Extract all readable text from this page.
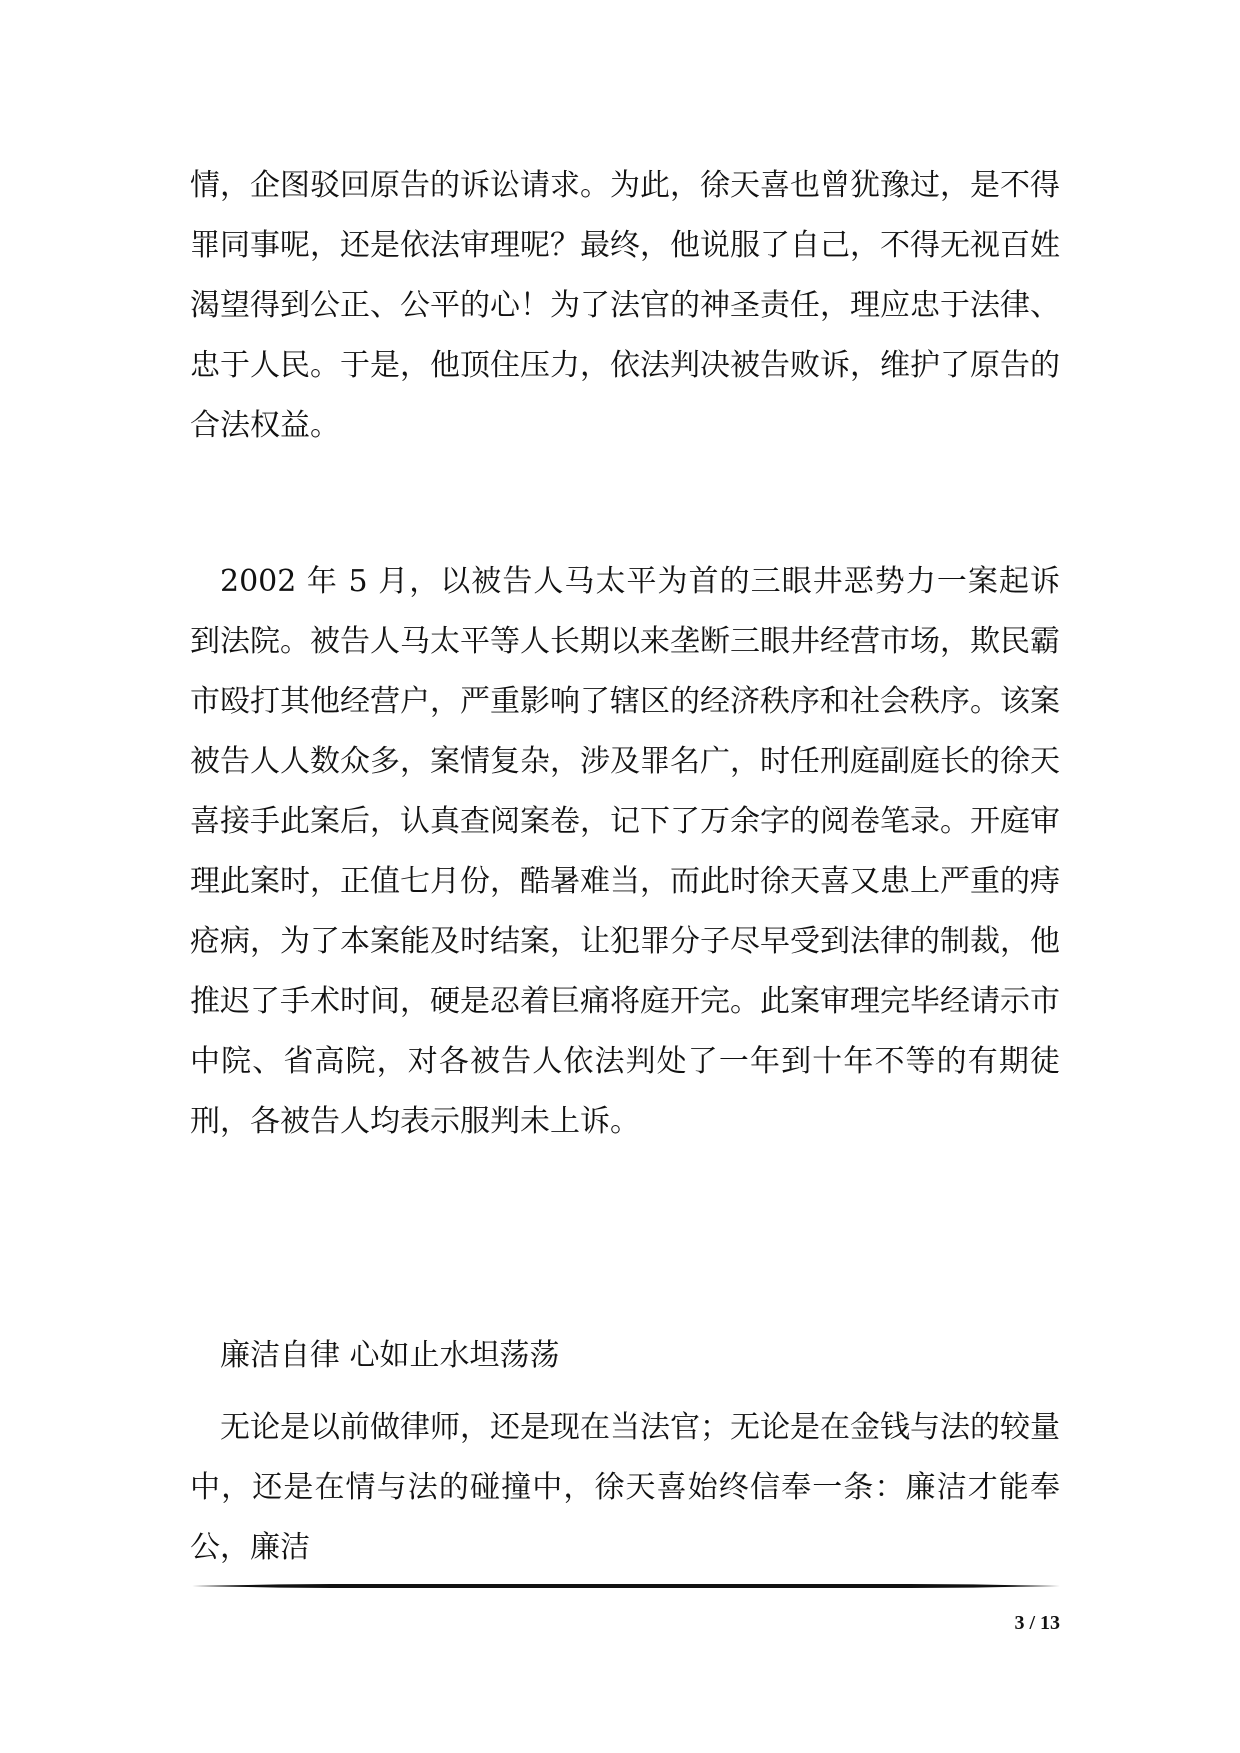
情，企图驳回原告的诉讼请求。为此，徐天喜也曾犹豫过，是不得罪同事呢，还是依法审理呢？最终，他说服了自己，不得无视百姓渴望得到公正、公平的心！为了法官的神圣责任，理应忠于法律、忠于人民。于是，他顶住压力，依法判决被告败诉，维护了原告的合法权益。

2002 年 5 月，以被告人马太平为首的三眼井恶势力一案起诉到法院。被告人马太平等人长期以来垄断三眼井经营市场，欺民霸市殴打其他经营户，严重影响了辖区的经济秩序和社会秩序。该案被告人人数众多，案情复杂，涉及罪名广，时任刑庭副庭长的徐天喜接手此案后，认真查阅案卷，记下了万余字的阅卷笔录。开庭审理此案时，正值七月份，酷暑难当，而此时徐天喜又患上严重的痔疮病，为了本案能及时结案，让犯罪分子尽早受到法律的制裁，他推迟了手术时间，硬是忍着巨痛将庭开完。此案审理完毕经请示市中院、省高院，对各被告人依法判处了一年到十年不等的有期徒刑，各被告人均表示服判未上诉。

廉洁自律 心如止水坦荡荡

无论是以前做律师，还是现在当法官；无论是在金钱与法的较量中，还是在情与法的碰撞中，徐天喜始终信奉一条：廉洁才能奉公，廉洁

3 / 13
